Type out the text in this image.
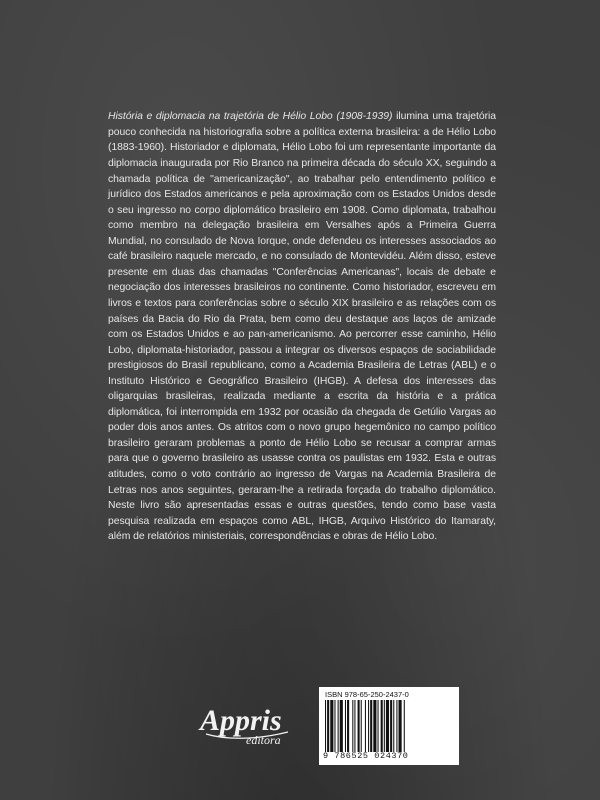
História e diplomacia na trajetória de Hélio Lobo (1908-1939) ilumina uma trajetória pouco conhecida na historiografia sobre a política externa brasileira: a de Hélio Lobo (1883-1960). Historiador e diplomata, Hélio Lobo foi um representante importante da diplomacia inaugurada por Rio Branco na primeira década do século XX, seguindo a chamada política de "americanização", ao trabalhar pelo entendimento político e jurídico dos Estados americanos e pela aproximação com os Estados Unidos desde o seu ingresso no corpo diplomático brasileiro em 1908. Como diplomata, trabalhou como membro na delegação brasileira em Versalhes após a Primeira Guerra Mundial, no consulado de Nova Iorque, onde defendeu os interesses associados ao café brasileiro naquele mercado, e no consulado de Montevidéu. Além disso, esteve presente em duas das chamadas "Conferências Americanas", locais de debate e negociação dos interesses brasileiros no continente. Como historiador, escreveu em livros e textos para conferências sobre o século XIX brasileiro e as relações com os países da Bacia do Rio da Prata, bem como deu destaque aos laços de amizade com os Estados Unidos e ao pan-americanismo. Ao percorrer esse caminho, Hélio Lobo, diplomata-historiador, passou a integrar os diversos espaços de sociabilidade prestigiosos do Brasil republicano, como a Academia Brasileira de Letras (ABL) e o Instituto Histórico e Geográfico Brasileiro (IHGB). A defesa dos interesses das oligarquias brasileiras, realizada mediante a escrita da história e a prática diplomática, foi interrompida em 1932 por ocasião da chegada de Getúlio Vargas ao poder dois anos antes. Os atritos com o novo grupo hegemônico no campo político brasileiro geraram problemas a ponto de Hélio Lobo se recusar a comprar armas para que o governo brasileiro as usasse contra os paulistas em 1932. Esta e outras atitudes, como o voto contrário ao ingresso de Vargas na Academia Brasileira de Letras nos anos seguintes, geraram-lhe a retirada forçada do trabalho diplomático. Neste livro são apresentadas essas e outras questões, tendo como base vasta pesquisa realizada em espaços como ABL, IHGB, Arquivo Histórico do Itamaraty, além de relatórios ministeriais, correspondências e obras de Hélio Lobo.

Appris
editora
ISBN 978-65-250-2437-0
9 786525 024370
